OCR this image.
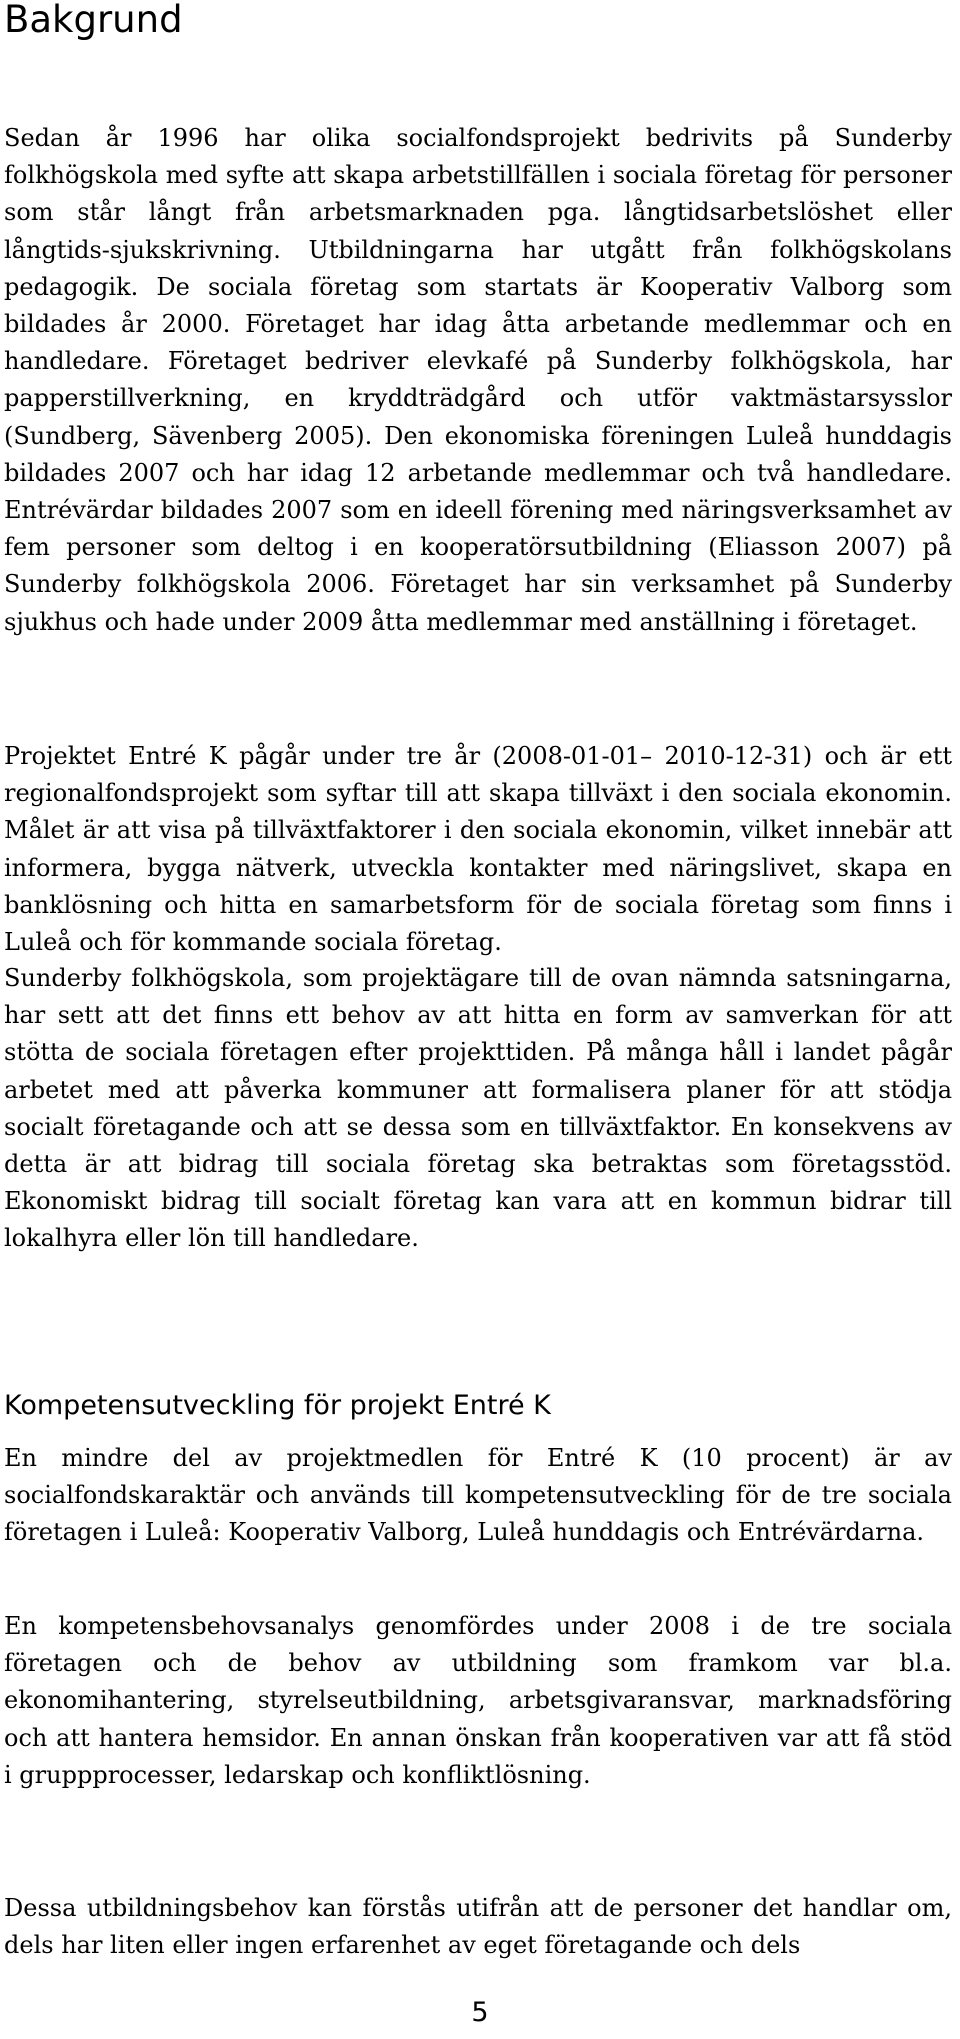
Bakgrund

Sedan år 1996 har olika socialfondsprojekt bedrivits på Sunderby folkhögskola med syfte att skapa arbetstillfällen i sociala företag för personer som står långt från arbetsmarknaden pga. långtidsarbetslöshet eller långtids-sjukskrivning. Utbildningarna har utgått från folkhögskolans pedagogik. De sociala företag som startats är Kooperativ Valborg som bildades år 2000. Företaget har idag åtta arbetande medlemmar och en handledare. Företaget bedriver elevkafé på Sunderby folkhögskola, har papperstillverkning, en kryddträdgård och utför vaktmästarsysslor (Sundberg, Sävenberg 2005). Den ekonomiska föreningen Luleå hunddagis bildades 2007 och har idag 12 arbetande medlemmar och två handledare. Entrévärdar bildades 2007 som en ideell förening med näringsverksamhet av fem personer som deltog i en kooperatörsutbildning (Eliasson 2007) på Sunderby folkhögskola 2006. Företaget har sin verksamhet på Sunderby sjukhus och hade under 2009 åtta medlemmar med anställning i företaget.

Projektet Entré K pågår under tre år (2008-01-01– 2010-12-31) och är ett regionalfondsprojekt som syftar till att skapa tillväxt i den sociala ekonomin. Målet är att visa på tillväxtfaktorer i den sociala ekonomin, vilket innebär att informera, bygga nätverk, utveckla kontakter med näringslivet, skapa en banklösning och hitta en samarbetsform för de sociala företag som finns i Luleå och för kommande sociala företag.

Sunderby folkhögskola, som projektägare till de ovan nämnda satsningarna, har sett att det finns ett behov av att hitta en form av samverkan för att stötta de sociala företagen efter projekttiden. På många håll i landet pågår arbetet med att påverka kommuner att formalisera planer för att stödja socialt företagande och att se dessa som en tillväxtfaktor. En konsekvens av detta är att bidrag till sociala företag ska betraktas som företagsstöd. Ekonomiskt bidrag till socialt företag kan vara att en kommun bidrar till lokalhyra eller lön till handledare.

Kompetensutveckling för projekt Entré K

En mindre del av projektmedlen för Entré K (10 procent) är av socialfondskaraktär och används till kompetensutveckling för de tre sociala företagen i Luleå: Kooperativ Valborg, Luleå hunddagis och Entrévärdarna.

En kompetensbehovsanalys genomfördes under 2008 i de tre sociala företagen och de behov av utbildning som framkom var bl.a. ekonomihantering, styrelseutbildning, arbetsgivaransvar, marknadsföring och att hantera hemsidor. En annan önskan från kooperativen var att få stöd i gruppprocesser, ledarskap och konfliktlösning.

Dessa utbildningsbehov kan förstås utifrån att de personer det handlar om, dels har liten eller ingen erfarenhet av eget företagande och dels

5
